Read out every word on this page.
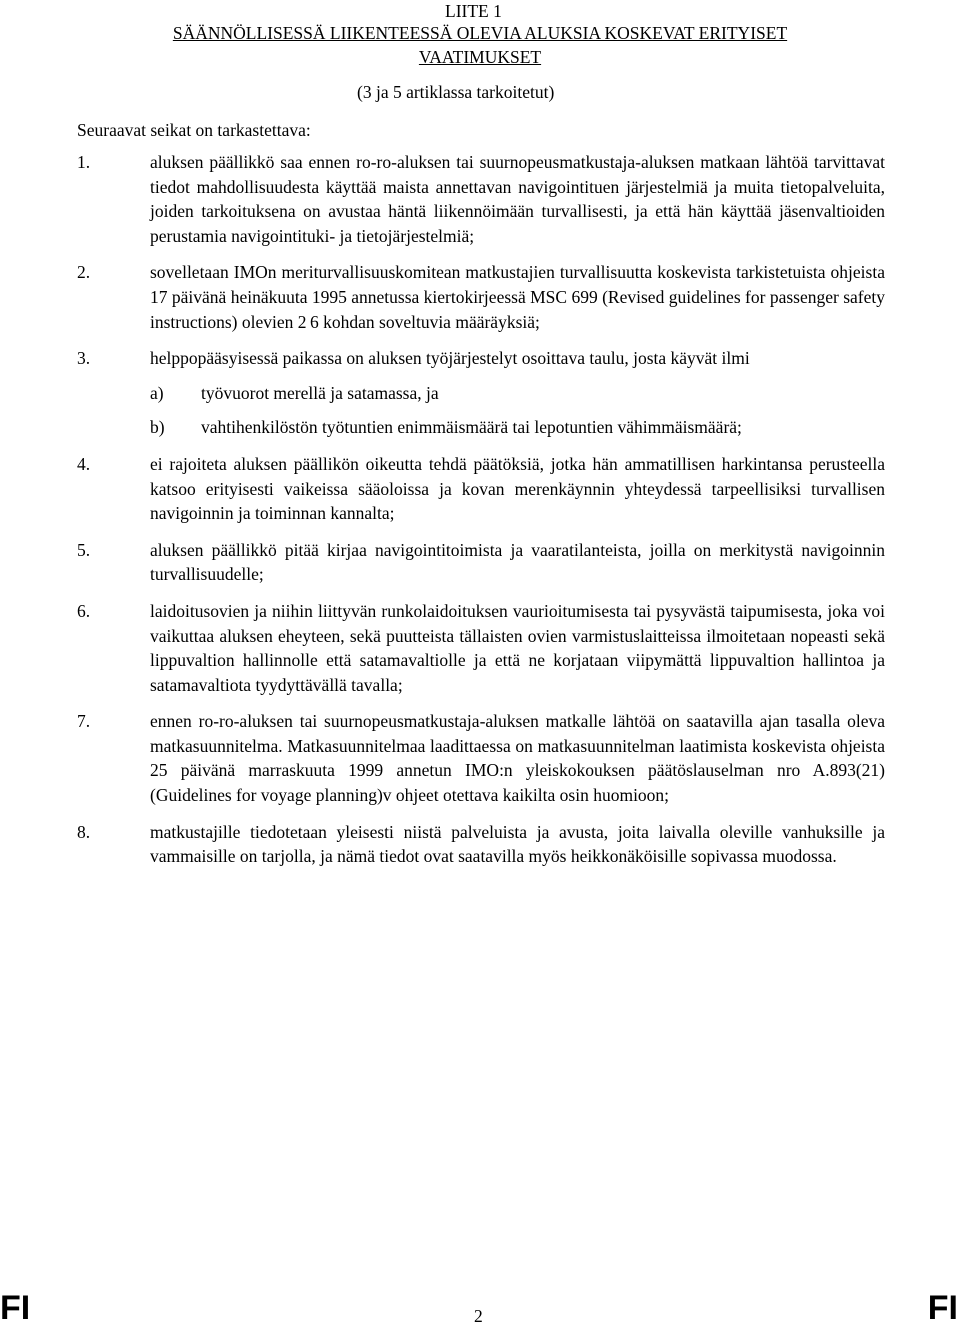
LIITE 1
SÄÄNNÖLLISESSÄ LIIKENTEESSÄ OLEVIA ALUKSIA KOSKEVAT ERITYISET
VAATIMUKSET
(3 ja 5 artiklassa tarkoitetut)
Seuraavat seikat on tarkastettava:
1.	aluksen päällikkö saa ennen ro-ro-aluksen tai suurnopeusmatkustaja-aluksen matkaan lähtöä tarvittavat tiedot mahdollisuudesta käyttää maista annettavan navigointituen järjestelmiä ja muita tietopalveluita, joiden tarkoituksena on avustaa häntä liikennöimään turvallisesti, ja että hän käyttää jäsenvaltioiden perustamia navigointituki- ja tietojärjestelmiä;
2.	sovelletaan IMOn meriturvallisuuskomitean matkustajien turvallisuutta koskevista tarkistetuista ohjeista 17 päivänä heinäkuuta 1995 annetussa kiertokirjeessä MSC 699 (Revised guidelines for passenger safety instructions) olevien 2 6 kohdan soveltuvia määräyksiä;
3.	helppopääsyisessä paikassa on aluksen työjärjestelyt osoittava taulu, josta käyvät ilmi
a) työvuorot merellä ja satamassa, ja
b) vahtihenkilöstön työtuntien enimmäismäärä tai lepotuntien vähimmäismäärä;
4.	ei rajoiteta aluksen päällikön oikeutta tehdä päätöksiä, jotka hän ammatillisen harkintansa perusteella katsoo erityisesti vaikeissa sääoloissa ja kovan merenkäynnin yhteydessä tarpeellisiksi turvallisen navigoinnin ja toiminnan kannalta;
5.	aluksen päällikkö pitää kirjaa navigointitoimista ja vaaratilanteista, joilla on merkitystä navigoinnin turvallisuudelle;
6.	laidoitusovien ja niihin liittyvän runkolaidoituksen vaurioitumisesta tai pysyvästä taipumisesta, joka voi vaikuttaa aluksen eheyteen, sekä puutteista tällaisten ovien varmistuslaitteissa ilmoitetaan nopeasti sekä lippuvaltion hallinnolle että satamavaltiolle ja että ne korjataan viipymättä lippuvaltion hallintoa ja satamavaltiota tyydyttävällä tavalla;
7.	ennen ro-ro-aluksen tai suurnopeusmatkustaja-aluksen matkalle lähtöä on saatavilla ajan tasalla oleva matkasuunnitelma. Matkasuunnitelmaa laadittaessa on matkasuunnitelman laatimista koskevista ohjeista 25 päivänä marraskuuta 1999 annetun IMO:n yleiskokouksen päätöslauselman nro A.893(21) (Guidelines for voyage planning)v ohjeet otettava kaikilta osin huomioon;
8.	matkustajille tiedotetaan yleisesti niistä palveluista ja avusta, joita laivalla oleville vanhuksille ja vammaisille on tarjolla, ja nämä tiedot ovat saatavilla myös heikkonäköisille sopivassa muodossa.
FI	2	FI
